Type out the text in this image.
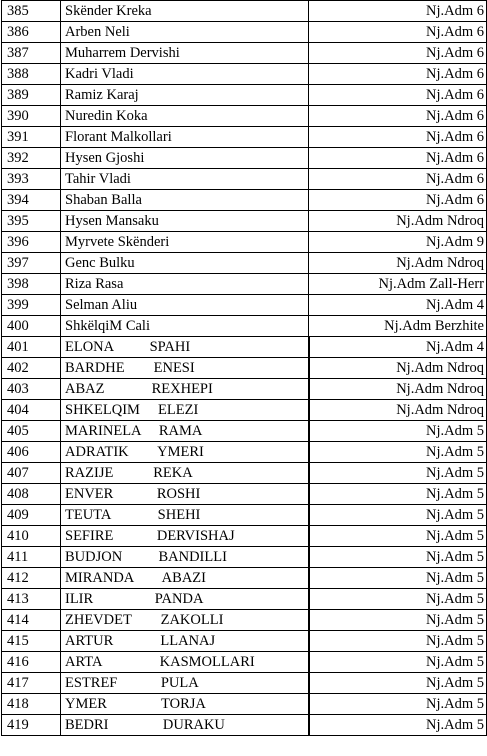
385	Skënder Kreka	Nj.Adm 6
386	Arben Neli	Nj.Adm 6
387	Muharrem Dervishi	Nj.Adm 6
388	Kadri Vladi	Nj.Adm 6
389	Ramiz Karaj	Nj.Adm 6
390	Nuredin Koka	Nj.Adm 6
391	Florant Malkollari	Nj.Adm 6
392	Hysen Gjoshi	Nj.Adm 6
393	Tahir Vladi	Nj.Adm 6
394	Shaban Balla	Nj.Adm 6
395	Hysen Mansaku	Nj.Adm Ndroq
396	Myrvete Skënderi	Nj.Adm 9
397	Genc Bulku	Nj.Adm Ndroq
398	Riza Rasa	Nj.Adm Zall-Herr
399	Selman Aliu	Nj.Adm 4
400	ShkëlqiM Cali	Nj.Adm Berzhite
401	ELONA          SPAHI	Nj.Adm 4
402	BARDHE        ENESI	Nj.Adm Ndroq
403	ABAZ             REXHEPI	Nj.Adm Ndroq
404	SHKELQIM     ELEZI	Nj.Adm Ndroq
405	MARINELA     RAMA	Nj.Adm 5
406	ADRATIK        YMERI	Nj.Adm 5
407	RAZIJE           REKA	Nj.Adm 5
408	ENVER            ROSHI	Nj.Adm 5
409	TEUTA             SHEHI	Nj.Adm 5
410	SEFIRE            DERVISHAJ	Nj.Adm 5
411	BUDJON          BANDILLI	Nj.Adm 5
412	MIRANDA        ABAZI	Nj.Adm 5
413	ILIR                 PANDA	Nj.Adm 5
414	ZHEVDET        ZAKOLLI	Nj.Adm 5
415	ARTUR             LLANAJ	Nj.Adm 5
416	ARTA                KASMOLLARI	Nj.Adm 5
417	ESTREF            PULA	Nj.Adm 5
418	YMER               TORJA	Nj.Adm 5
419	BEDRI               DURAKU	Nj.Adm 5
